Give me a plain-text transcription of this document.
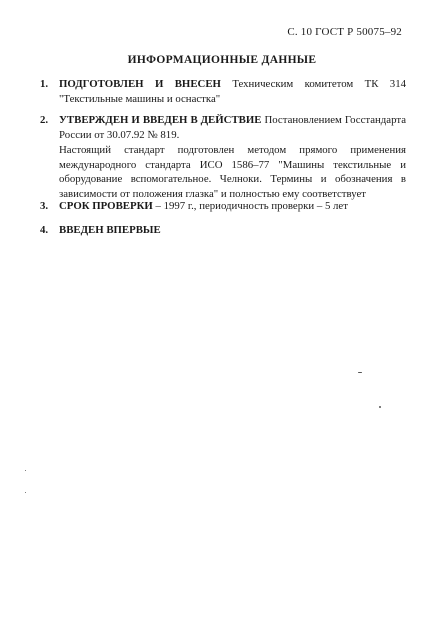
С. 10 ГОСТ Р 50075–92
ИНФОРМАЦИОННЫЕ ДАННЫЕ
1. ПОДГОТОВЛЕН И ВНЕСЕН Техническим комитетом ТК 314 "Текстильные машины и оснастка"
2. УТВЕРЖДЕН И ВВЕДЕН В ДЕЙСТВИЕ Постановлением Госстандарта России от 30.07.92 № 819.
Настоящий стандарт подготовлен методом прямого применения международного стандарта ИСО 1586–77 "Машины текстильные и оборудование вспомогательное. Челноки. Термины и обозначения в зависимости от положения глазка" и полностью ему соответствует
3. СРОК ПРОВЕРКИ – 1997 г., периодичность проверки – 5 лет
4. ВВЕДЕН ВПЕРВЫЕ
